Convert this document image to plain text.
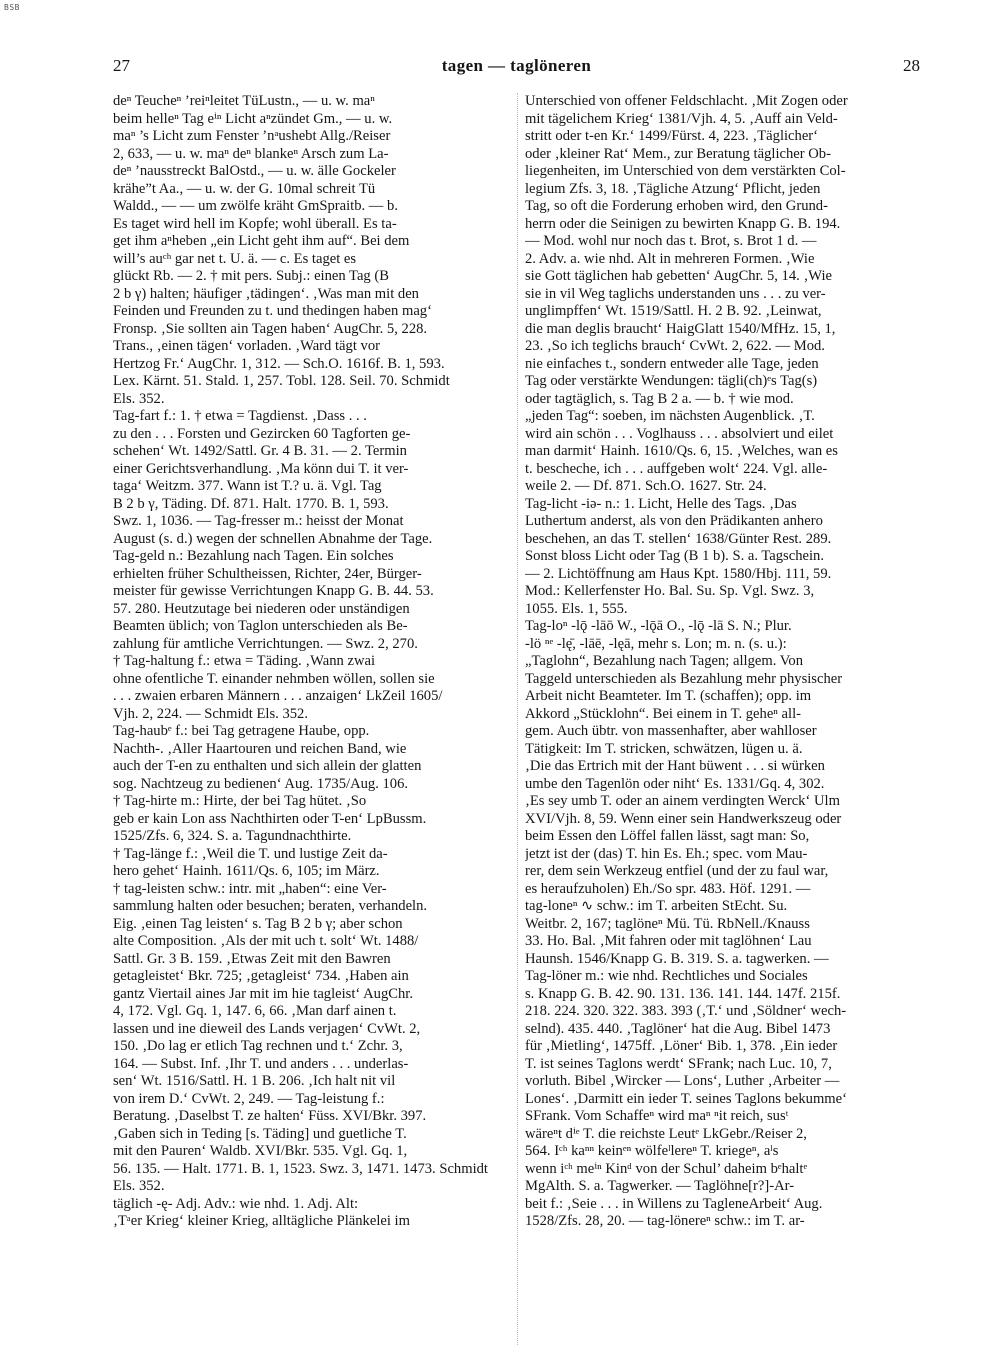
BSB
27	tagen — taglöneren	28
deⁿ Teucheⁿ ’reiⁿleitet TüLustn., — u. w. maⁿ
beim helleⁿ Tag eⁱⁿ Licht aⁿzündet Gm., — u. w.
maⁿ ’s Licht zum Fenster ’nᵃushebt Allg./Reiser
2, 633, — u. w. maⁿ deⁿ blankeⁿ Arsch zum La-
deⁿ ’nausstreckt BalOstd., — u. w. älle Gockeler
krähe”t Aa., — u. w. der G. 10mal schreit Tü
Waldd., — — um zwölfe kräht GmSpraitb. — b.
Es taget wird hell im Kopfe; wohl überall. Es ta-
get ihm aⁿheben „ein Licht geht ihm auf“. Bei dem
will’s auᶜʰ gar net t. U. ä. — c. Es taget es
glückt Rb. — 2. † mit pers. Subj.: einen Tag (B
2 b γ) halten; häufiger ‚tädingen‘. ‚Was man mit den
Feinden und Freunden zu t. und thedingen haben mag‘
Fronsp. ‚Sie sollten ain Tagen haben‘ AugChr. 5, 228.
Trans., ‚einen tägen‘ vorladen. ‚Ward tägt vor
Hertzog Fr.‘ AugChr. 1, 312. — Sch.O. 1616f. B. 1, 593.
Lex. Kärnt. 51. Stald. 1, 257. Tobl. 128. Seil. 70. Schmidt
Els. 352.
Tag-fart f.: 1. † etwa = Tagdienst. ‚Dass . . .
zu den . . . Forsten und Gezircken 60 Tagforten ge-
schehen‘ Wt. 1492/Sattl. Gr. 4 B. 31. — 2. Termin
einer Gerichtsverhandlung. ‚Ma könn dui T. it ver-
taga‘ Weitzm. 377. Wann ist T.? u. ä. Vgl. Tag
B 2 b γ, Täding. Df. 871. Halt. 1770. B. 1, 593.
Swz. 1, 1036. — Tag-fresser m.: heisst der Monat
August (s. d.) wegen der schnellen Abnahme der Tage.
Tag-geld n.: Bezahlung nach Tagen. Ein solches
erhielten früher Schultheissen, Richter, 24er, Bürger-
meister für gewisse Verrichtungen Knapp G. B. 44. 53.
57. 280. Heutzutage bei niederen oder unständigen
Beamten üblich; von Taglon unterschieden als Be-
zahlung für amtliche Verrichtungen. — Swz. 2, 270.
† Tag-haltung f.: etwa = Täding. ‚Wann zwai
ohne ofentliche T. einander nehmben wöllen, sollen sie
. . . zwaien erbaren Männern . . . anzaigen‘ LkZeil 1605/
Vjh. 2, 224. — Schmidt Els. 352.
Tag-haubᵉ f.: bei Tag getragene Haube, opp.
Nachth-. ‚Aller Haartouren und reichen Band, wie
auch der T-en zu enthalten und sich allein der glatten
sog. Nachtzeug zu bedienen‘ Aug. 1735/Aug. 106.
† Tag-hirte m.: Hirte, der bei Tag hütet. ‚So
geb er kain Lon ass Nachthirten oder T-en‘ LpBussm.
1525/Zfs. 6, 324. S. a. Tagundnachthirte.
† Tag-länge f.: ‚Weil die T. und lustige Zeit da-
hero gehet‘ Hainh. 1611/Qs. 6, 105; im März.
† tag-leisten schw.: intr. mit „haben“: eine Ver-
sammlung halten oder besuchen; beraten, verhandeln.
Eig. ‚einen Tag leisten‘ s. Tag B 2 b γ; aber schon
alte Composition. ‚Als der mit uch t. solt‘ Wt. 1488/
Sattl. Gr. 3 B. 159. ‚Etwas Zeit mit den Bawren
getagleistet‘ Bkr. 725; ‚getagleist‘ 734. ‚Haben ain
gantz Viertail aines Jar mit im hie tagleist‘ AugChr.
4, 172. Vgl. Gq. 1, 147. 6, 66. ‚Man darf ainen t.
lassen und ine dieweil des Lands verjagen‘ CvWt. 2,
150. ‚Do lag er etlich Tag rechnen und t.‘ Zchr. 3,
164. — Subst. Inf. ‚Ihr T. und anders . . . underlas-
sen‘ Wt. 1516/Sattl. H. 1 B. 206. ‚Ich halt nit vil
von irem D.‘ CvWt. 2, 249. — Tag-leistung f.:
Beratung. ‚Daselbst T. ze halten‘ Füss. XVI/Bkr. 397.
‚Gaben sich in Teding [s. Täding] und guetliche T.
mit den Pauren‘ Waldb. XVI/Bkr. 535. Vgl. Gq. 1,
56. 135. — Halt. 1771. B. 1, 1523. Swz. 3, 1471. 1473. Schmidt
Els. 352.
täglich -ę- Adj. Adv.: wie nhd. 1. Adj. Alt:
‚Tᵃer Krieg‘ kleiner Krieg, alltägliche Plänkelei im
Unterschied von offener Feldschlacht. ‚Mit Zogen oder
mit tägelichem Krieg‘ 1381/Vjh. 4, 5. ‚Auff ain Veld-
stritt oder t-en Kr.‘ 1499/Fürst. 4, 223. ‚Täglicher‘
oder ‚kleiner Rat‘ Mem., zur Beratung täglicher Ob-
liegenheiten, im Unterschied von dem verstärkten Col-
legium Zfs. 3, 18. ‚Tägliche Atzung‘ Pflicht, jeden
Tag, so oft die Forderung erhoben wird, den Grund-
herrn oder die Seinigen zu bewirten Knapp G. B. 194.
— Mod. wohl nur noch das t. Brot, s. Brot 1 d. —
2. Adv. a. wie nhd. Alt in mehreren Formen. ‚Wie
sie Gott täglichen hab gebetten‘ AugChr. 5, 14. ‚Wie
sie in vil Weg taglichs understanden uns . . . zu ver-
unglimpffen‘ Wt. 1519/Sattl. H. 2 B. 92. ‚Leinwat,
die man deglis braucht‘ HaigGlatt 1540/MfHz. 15, 1,
23. ‚So ich teglichs brauch‘ CvWt. 2, 622. — Mod.
nie einfaches t., sondern entweder alle Tage, jeden
Tag oder verstärkte Wendungen: tägli(ch)ᵉs Tag(s)
oder tagtäglich, s. Tag B 2 a. — b. † wie mod.
„jeden Tag“: soeben, im nächsten Augenblick. ‚T.
wird ain schön . . . Voglhauss . . . absolviert und eilet
man darmit‘ Hainh. 1610/Qs. 6, 15. ‚Welches, wan es
t. bescheche, ich . . . auffgeben wolt‘ 224. Vgl. alle-
weile 2. — Df. 871. Sch.O. 1627. Str. 24.
Tag-licht -iə- n.: 1. Licht, Helle des Tags. ‚Das
Luthertum anderst, als von den Prädikanten anhero
beschehen, an das T. stellen‘ 1638/Günter Rest. 289.
Sonst bloss Licht oder Tag (B 1 b). S. a. Tagschein.
— 2. Lichtöffnung am Haus Kpt. 1580/Hbj. 111, 59.
Mod.: Kellerfenster Ho. Bal. Su. Sp. Vgl. Swz. 3,
1055. Els. 1, 555.
Tag-loⁿ -lǭ -lāō W., -lǭā O., -lǭ -lā S. N.; Plur.
-lö ⁿᵉ -lę̄, -lāē, -lęā, mehr s. Lon; m. n. (s. u.):
„Taglohn“, Bezahlung nach Tagen; allgem. Von
Taggeld unterschieden als Bezahlung mehr physischer
Arbeit nicht Beamteter. Im T. (schaffen); opp. im
Akkord „Stücklohn“. Bei einem in T. geheⁿ all-
gem. Auch übtr. von massenhafter, aber wahlloser
Tätigkeit: Im T. stricken, schwätzen, lügen u. ä.
‚Die das Ertrich mit der Hant büwent . . . si würken
umbe den Tagenlön oder niht‘ Es. 1331/Gq. 4, 302.
‚Es sey umb T. oder an ainem verdingten Werck‘ Ulm
XVI/Vjh. 8, 59. Wenn einer sein Handwerkszeug oder
beim Essen den Löffel fallen lässt, sagt man: So,
jetzt ist der (das) T. hin Es. Eh.; spec. vom Mau-
rer, dem sein Werkzeug entfiel (und der zu faul war,
es heraufzuholen) Eh./So spr. 483. Höf. 1291. —
tag-loneⁿ ∿ schw.: im T. arbeiten StEcht. Su.
Weitbr. 2, 167; taglöneⁿ Mü. Tü. RbNell./Knauss
33. Ho. Bal. ‚Mit fahren oder mit taglöhnen‘ Lau
Haunsh. 1546/Knapp G. B. 319. S. a. tagwerken. —
Tag-löner m.: wie nhd. Rechtliches und Sociales
s. Knapp G. B. 42. 90. 131. 136. 141. 144. 147f. 215f.
218. 224. 320. 322. 383. 393 (‚T.‘ und ‚Söldner‘ wech-
selnd). 435. 440. ‚Taglöner‘ hat die Aug. Bibel 1473
für ‚Mietling‘, 1475ff. ‚Löner‘ Bib. 1, 378. ‚Ein ieder
T. ist seines Taglons werdt‘ SFrank; nach Luc. 10, 7,
vorluth. Bibel ‚Wircker — Lons‘, Luther ‚Arbeiter —
Lones‘. ‚Darmitt ein ieder T. seines Taglons bekumme‘
SFrank. Vom Schaffeⁿ wird maⁿ ⁿit reich, susᵗ
wäreⁿt dⁱᵉ T. die reichste Leutᵉ LkGebr./Reiser 2,
564. Iᶜʰ kaⁿⁿ keinᵉⁿ wölfeˡlereⁿ T. kriegeⁿ, aˡs
wenn iᶜʰ meⁱⁿ Kinᵈ von der Schul’ daheim bᵉhaltᵉ
MgAlth. S. a. Tagwerker. — Taglöhne[r?]-Ar-
beit f.: ‚Seie . . . in Willens zu TagleneArbeit‘ Aug.
1528/Zfs. 28, 20. — tag-lönereⁿ schw.: im T. ar-
